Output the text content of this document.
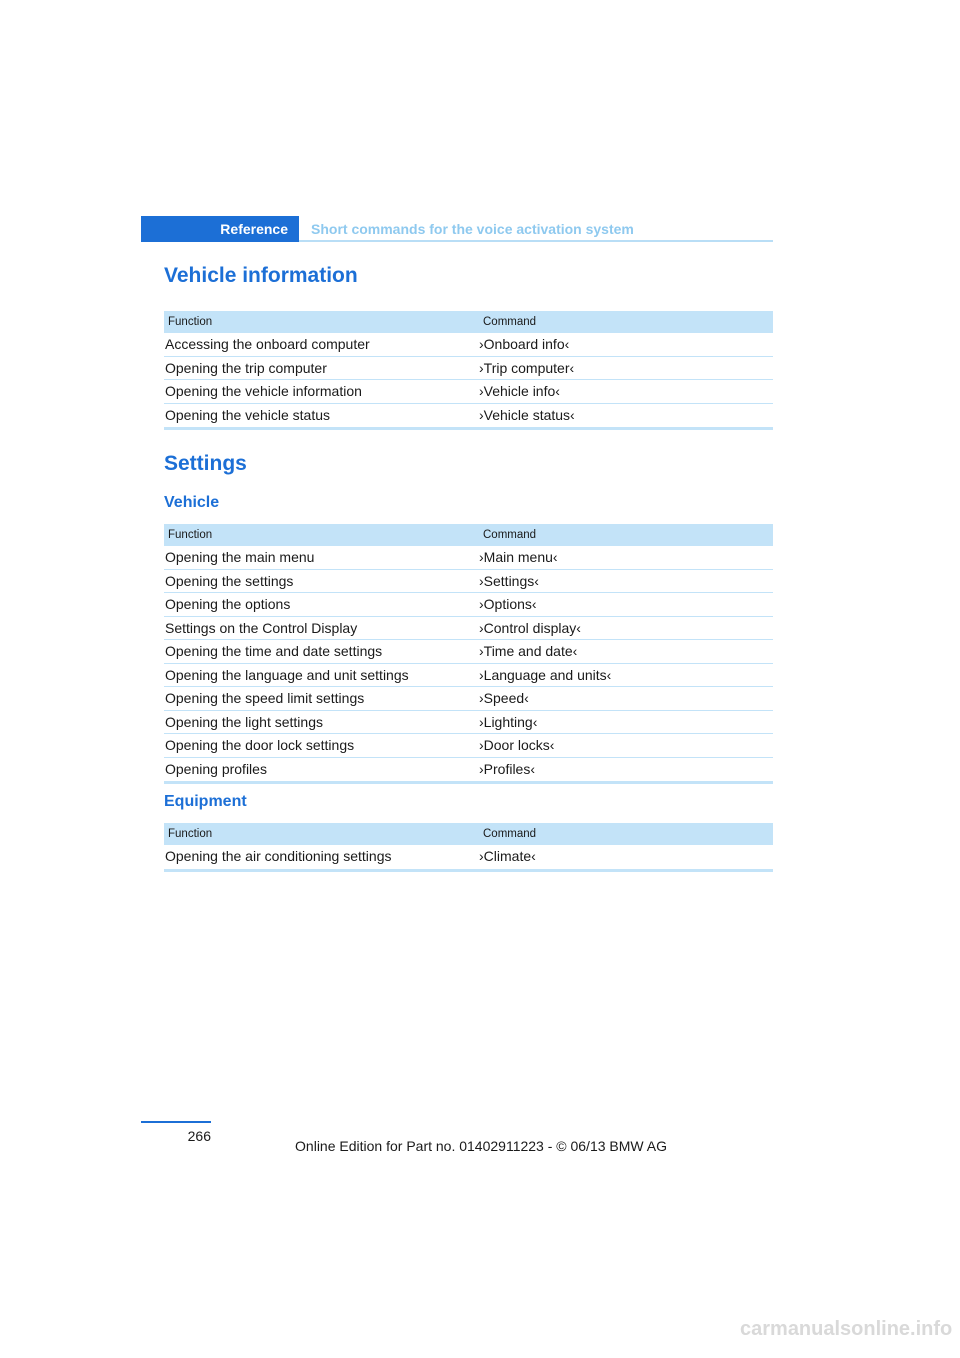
Reference	Short commands for the voice activation system
Vehicle information
Function	Command
Accessing the onboard computer	›Onboard info‹
Opening the trip computer	›Trip computer‹
Opening the vehicle information	›Vehicle info‹
Opening the vehicle status	›Vehicle status‹
Settings
Vehicle
Function	Command
Opening the main menu	›Main menu‹
Opening the settings	›Settings‹
Opening the options	›Options‹
Settings on the Control Display	›Control display‹
Opening the time and date settings	›Time and date‹
Opening the language and unit settings	›Language and units‹
Opening the speed limit settings	›Speed‹
Opening the light settings	›Lighting‹
Opening the door lock settings	›Door locks‹
Opening profiles	›Profiles‹
Equipment
Function	Command
Opening the air conditioning settings	›Climate‹
266
Online Edition for Part no. 01402911223 - © 06/13 BMW AG
carmanualsonline.info
